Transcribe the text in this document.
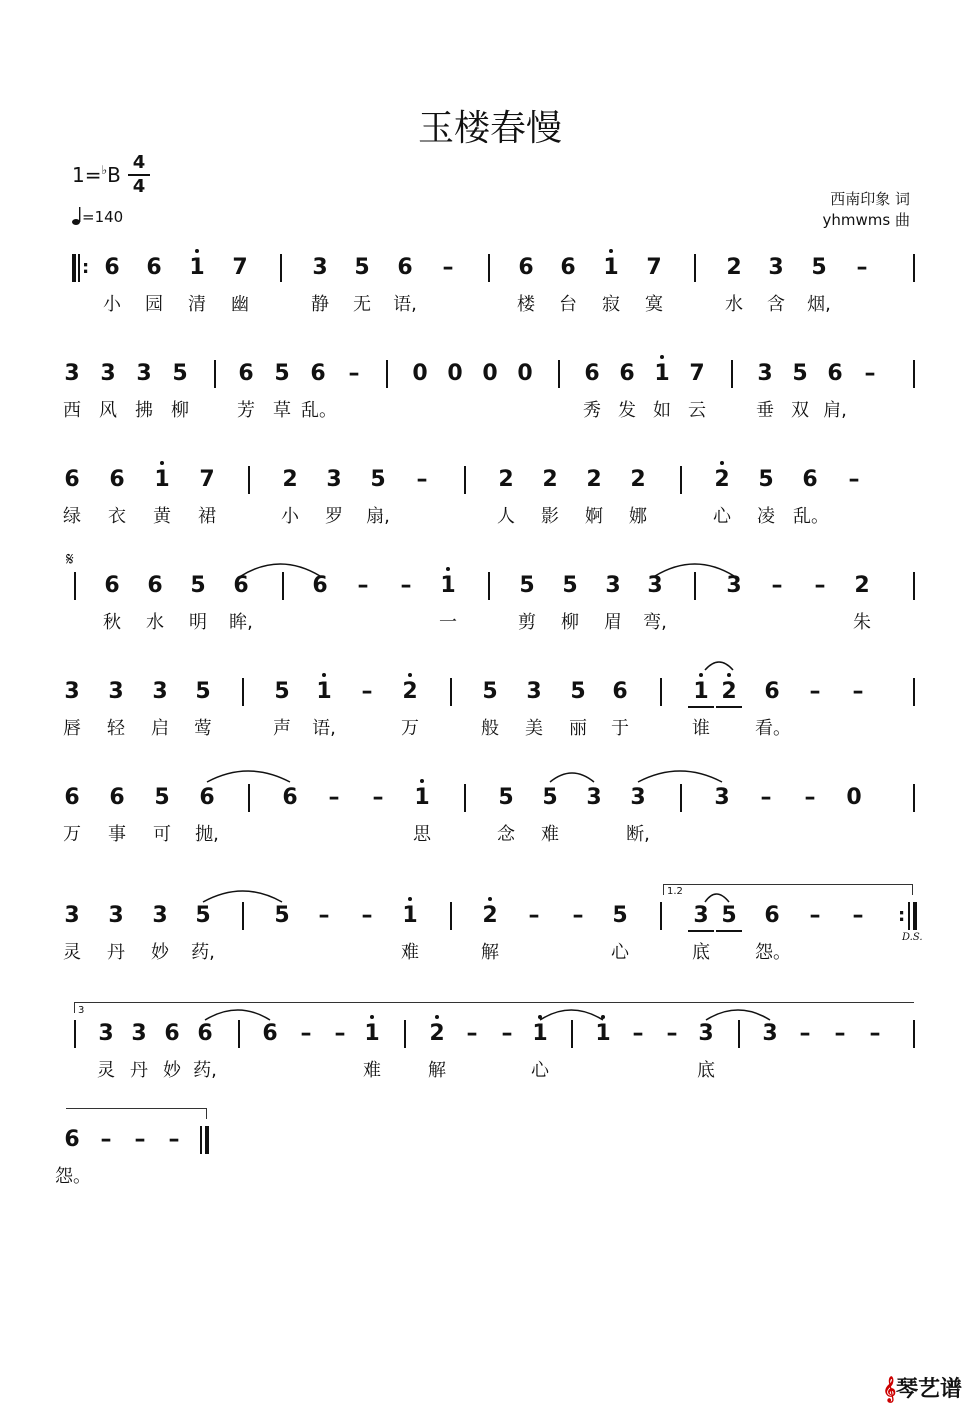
玉楼春慢
1=♭B
4
4
=140
西南印象 词
yhmwms 曲
𝄋
D.S.
1.2
3
:
6	6	1	7	3	5	6	–	6	6	1	7	2	3	5	–
:
小	园	清	幽	静	无	语,	楼	台	寂	寞	水	含	烟,
3 3 3 5	6 5 6	–	0 0 0 0	6 6 1 7	3 5 6 –
西	风	拂	柳	芳	草 乱。	秀 发 如 云	垂 双 肩,
6	6	1	7	2	3	5	–	2	2	2	2	2	5	6	–
绿	衣	黄	裙	小	罗	扇,	人	影	婀	娜	心	凌	乱。
6	6	5	6	6	–	–	1	5	5	3	3	3	–	–	2
秋	水	明	眸,	一	剪	柳	眉	弯,	朱
3	3	3	5	5	1	–	2	5	3	5	6	1 2	6	–	–
唇	轻	启	莺	声	语,	万	般	美	丽	于	谁	看。
6	6	5	6	6	–	–	1	5	5	3	3	3	–	–	0
万	事	可	抛,	思	念	难	断,
3	3	3	5	5	–	–	1	2	–	–	5	3 5	6	–	–
灵	丹	妙	药,	难	解	心	底	怨。
3 3 6 6	6	–	– 1	2 –	– 1	1 –	– 3	3 –	–	–
灵 丹 妙 药,	难	解	心	底
6 –	–	–
怨。
𝄞琴艺谱
